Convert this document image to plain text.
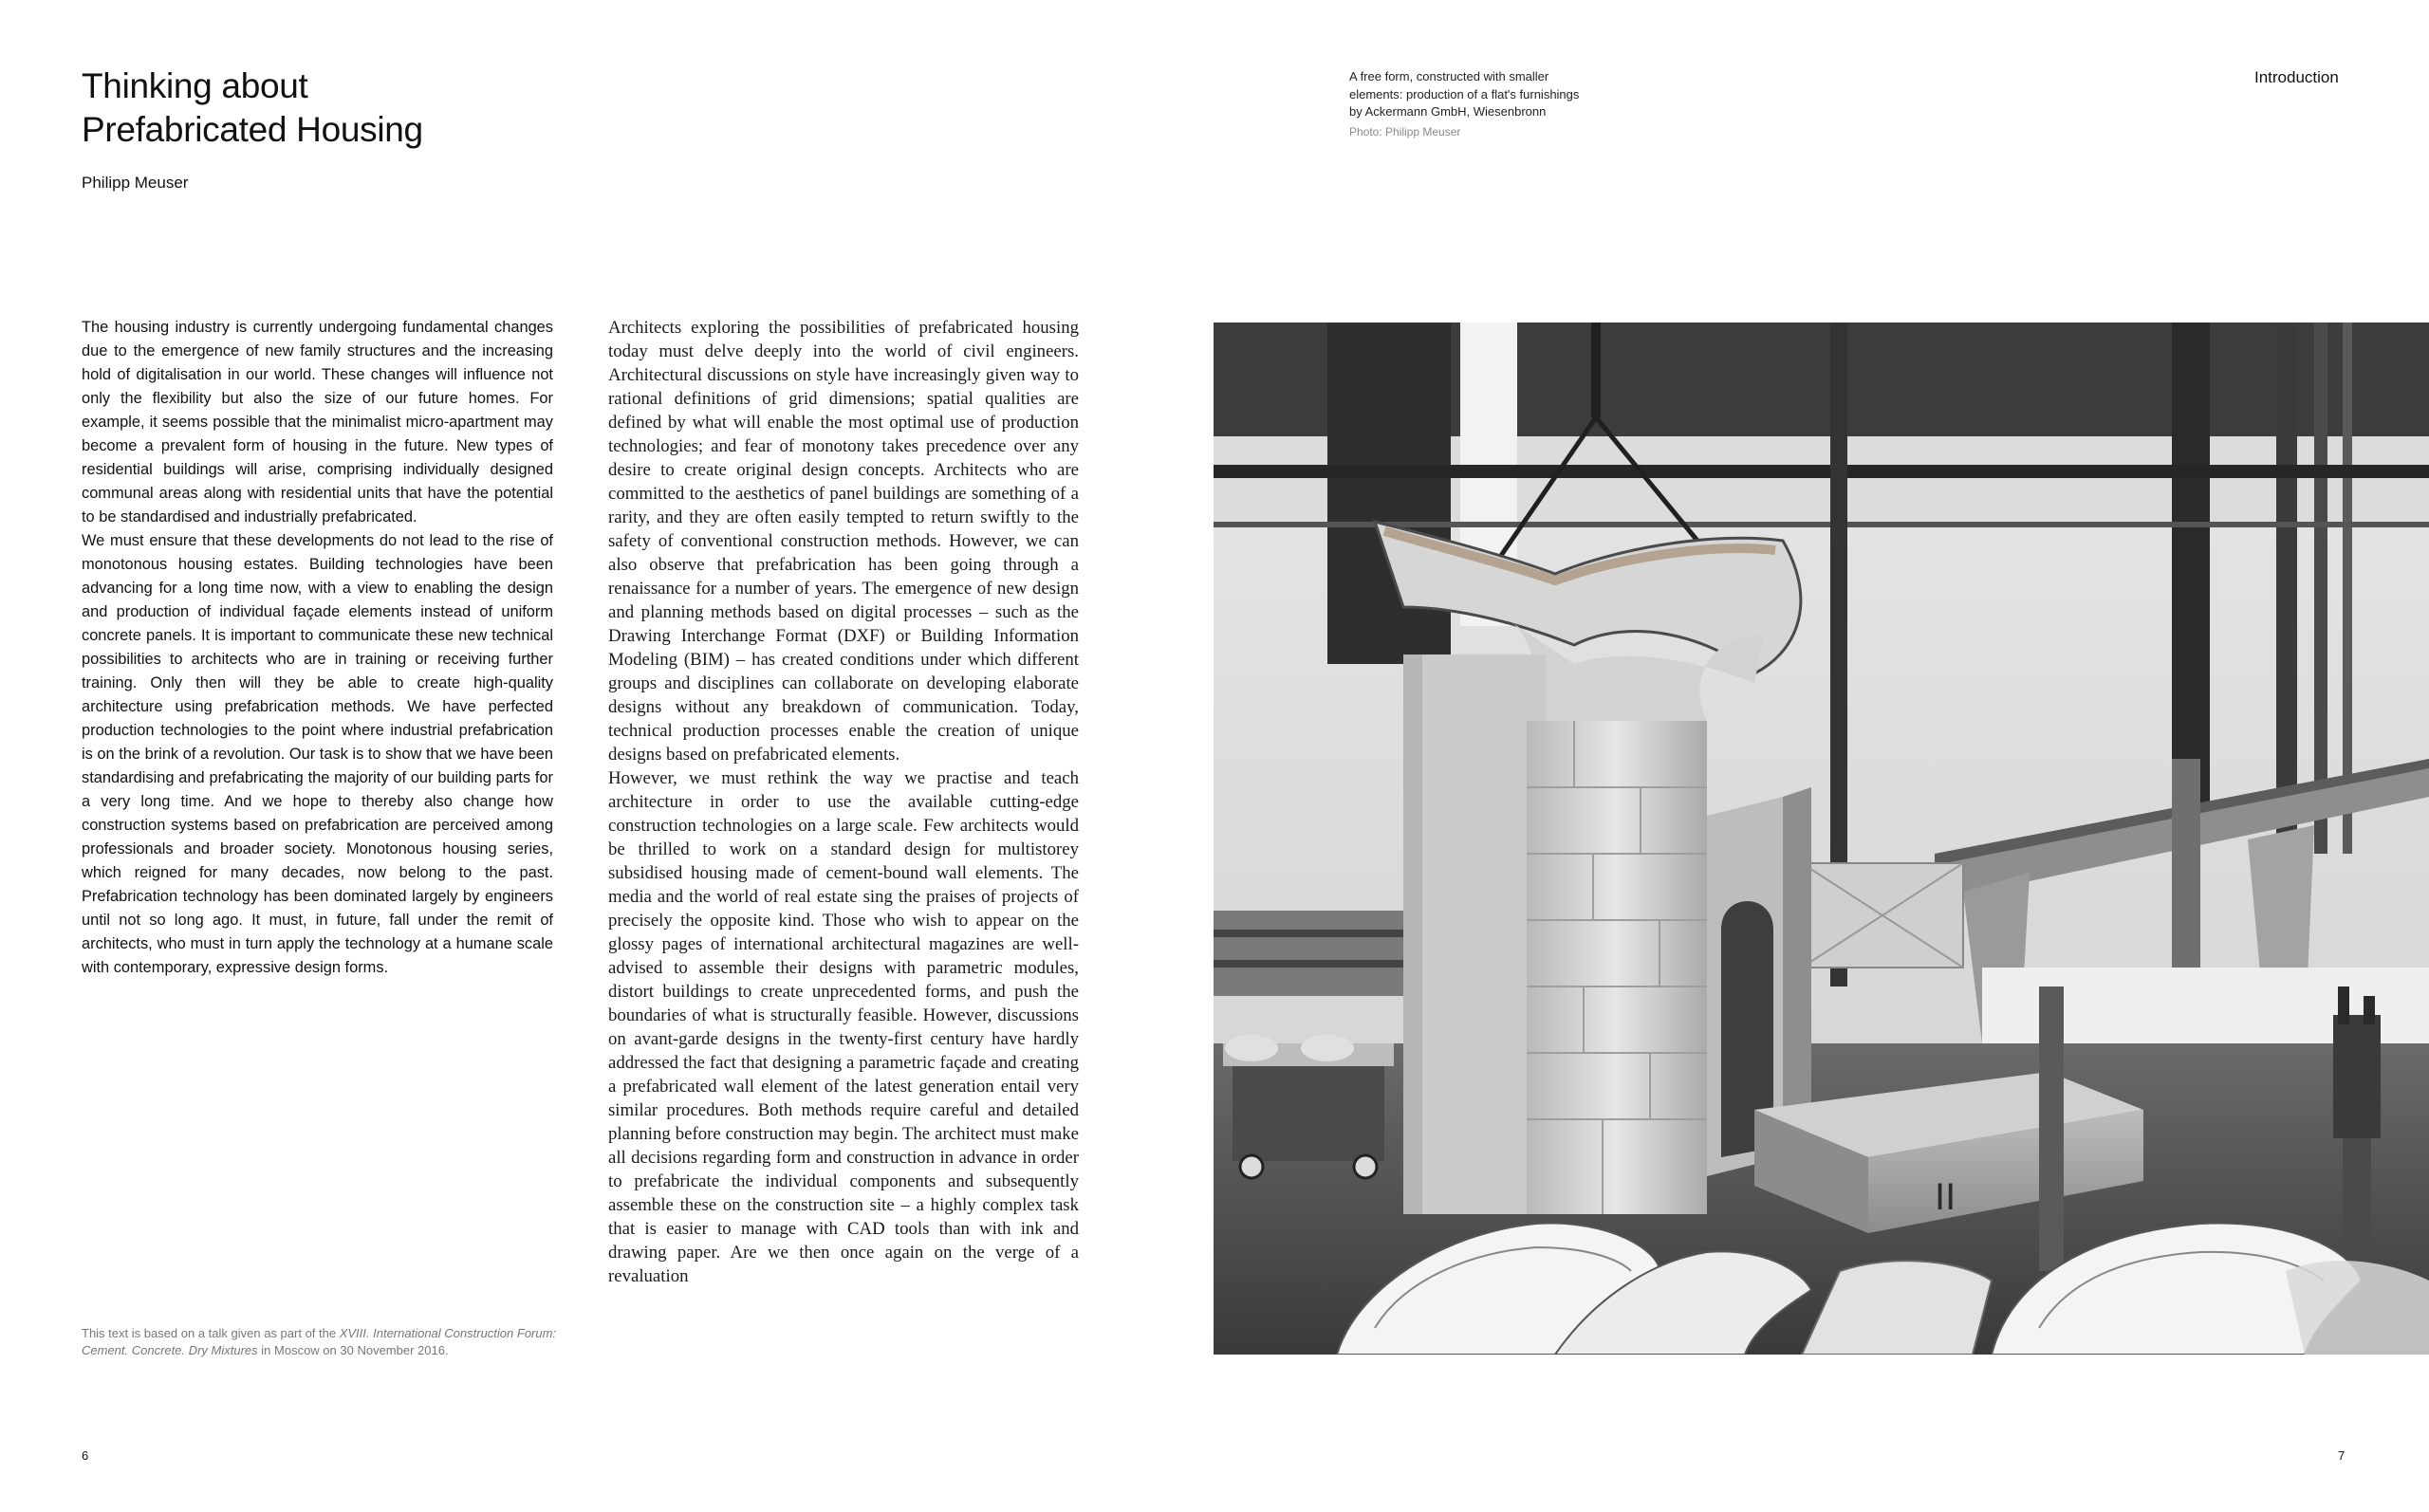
Thinking about
Prefabricated Housing
Philipp Meuser

The housing industry is currently undergoing fundamental changes due to the emergence of new family structures and the increasing hold of digitalisation in our world. These changes will influence not only the flexibility but also the size of our future homes. For example, it seems possible that the minimalist micro-apartment may become a prevalent form of housing in the future. New types of residential buildings will arise, comprising individually designed communal areas along with residential units that have the potential to be standardised and industrially prefabricated.

We must ensure that these developments do not lead to the rise of monotonous housing estates. Building technologies have been advancing for a long time now, with a view to enabling the design and production of individual façade elements instead of uniform concrete panels. It is important to communicate these new technical possibilities to architects who are in training or receiving further training. Only then will they be able to create high-quality architecture using prefabrication methods. We have perfected production technologies to the point where industrial prefabrication is on the brink of a revolution. Our task is to show that we have been standardising and prefabricating the majority of our building parts for a very long time. And we hope to thereby also change how construction systems based on prefabrication are perceived among professionals and broader society. Monotonous housing series, which reigned for many decades, now belong to the past. Prefabrication technology has been dominated largely by engineers until not so long ago. It must, in future, fall under the remit of architects, who must in turn apply the technology at a humane scale with contemporary, expressive design forms.

Architects exploring the possibilities of prefabricated housing today must delve deeply into the world of civil engineers. Architectural discussions on style have increasingly given way to rational definitions of grid dimensions; spatial qualities are defined by what will enable the most optimal use of production technologies; and fear of monotony takes precedence over any desire to create original design concepts. Architects who are committed to the aesthetics of panel buildings are something of a rarity, and they are often easily tempted to return swiftly to the safety of conventional construction methods. However, we can also observe that prefabrication has been going through a renaissance for a number of years. The emergence of new design and planning methods based on digital processes – such as the Drawing Interchange Format (DXF) or Building Information Modeling (BIM) – has created conditions under which different groups and disciplines can collaborate on developing elaborate designs without any breakdown of communication. Today, technical production processes enable the creation of unique designs based on prefabricated elements.

However, we must rethink the way we practise and teach architecture in order to use the available cutting-edge construction technologies on a large scale. Few architects would be thrilled to work on a standard design for multistorey subsidised housing made of cement-bound wall elements. The media and the world of real estate sing the praises of projects of precisely the opposite kind. Those who wish to appear on the glossy pages of international architectural magazines are well-advised to assemble their designs with parametric modules, distort buildings to create unprecedented forms, and push the boundaries of what is structurally feasible. However, discussions on avant-garde designs in the twenty-first century have hardly addressed the fact that designing a parametric façade and creating a prefabricated wall element of the latest generation entail very similar procedures. Both methods require careful and detailed planning before construction may begin. The architect must make all decisions regarding form and construction in advance in order to prefabricate the individual components and subsequently assemble these on the construction site – a highly complex task that is easier to manage with CAD tools than with ink and drawing paper. Are we then once again on the verge of a revaluation

This text is based on a talk given as part of the XVIII. International Construction Forum: Cement. Concrete. Dry Mixtures in Moscow on 30 November 2016.
6
A free form, constructed with smaller
elements: production of a flat's furnishings
by Ackermann GmbH, Wiesenbronn
Photo: Philipp Meuser
Introduction
II
7
